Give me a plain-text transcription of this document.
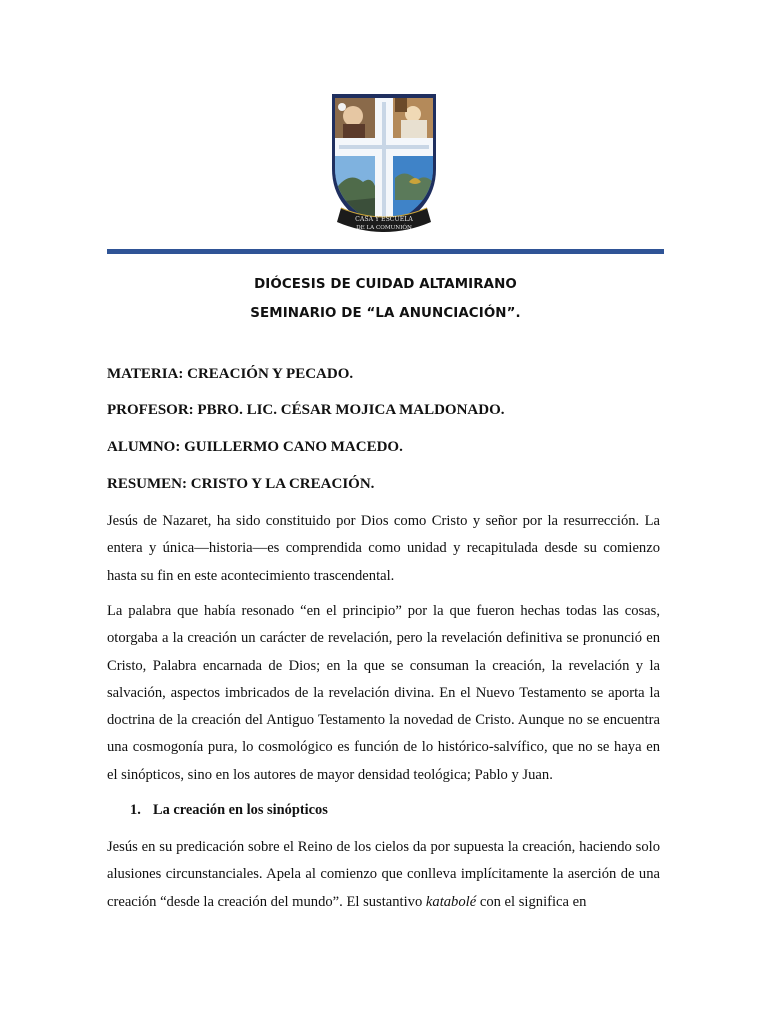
CASA Y ESCUELA
DE LA COMUNIÓN
DIÓCESIS DE CUIDAD ALTAMIRANO
SEMINARIO DE “LA ANUNCIACIÓN”.
MATERIA: CREACIÓN Y PECADO.
PROFESOR: PBRO. LIC. CÉSAR MOJICA MALDONADO.
ALUMNO: GUILLERMO CANO MACEDO.
RESUMEN: CRISTO Y LA CREACIÓN.

Jesús de Nazaret, ha sido constituido por Dios como Cristo y señor por la resurrección. La entera y única—historia—es comprendida como unidad y recapitulada desde su comienzo hasta su fin en este acontecimiento trascendental.

La palabra que había resonado “en el principio” por la que fueron hechas todas las cosas, otorgaba a la creación un carácter de revelación, pero la revelación definitiva se pronunció en Cristo, Palabra encarnada de Dios; en la que se consuman la creación, la revelación y la salvación, aspectos imbricados de la revelación divina. En el Nuevo Testamento se aporta la doctrina de la creación del Antiguo Testamento la novedad de Cristo. Aunque no se encuentra una cosmogonía pura, lo cosmológico es función de lo histórico-salvífico, que no se haya en el sinópticos, sino en los autores de mayor densidad teológica; Pablo y Juan.

1. La creación en los sinópticos

Jesús en su predicación sobre el Reino de los cielos da por supuesta la creación, haciendo solo alusiones circunstanciales. Apela al comienzo que conlleva implícitamente la aserción de una creación “desde la creación del mundo”. El sustantivo katabolé con el significa en
